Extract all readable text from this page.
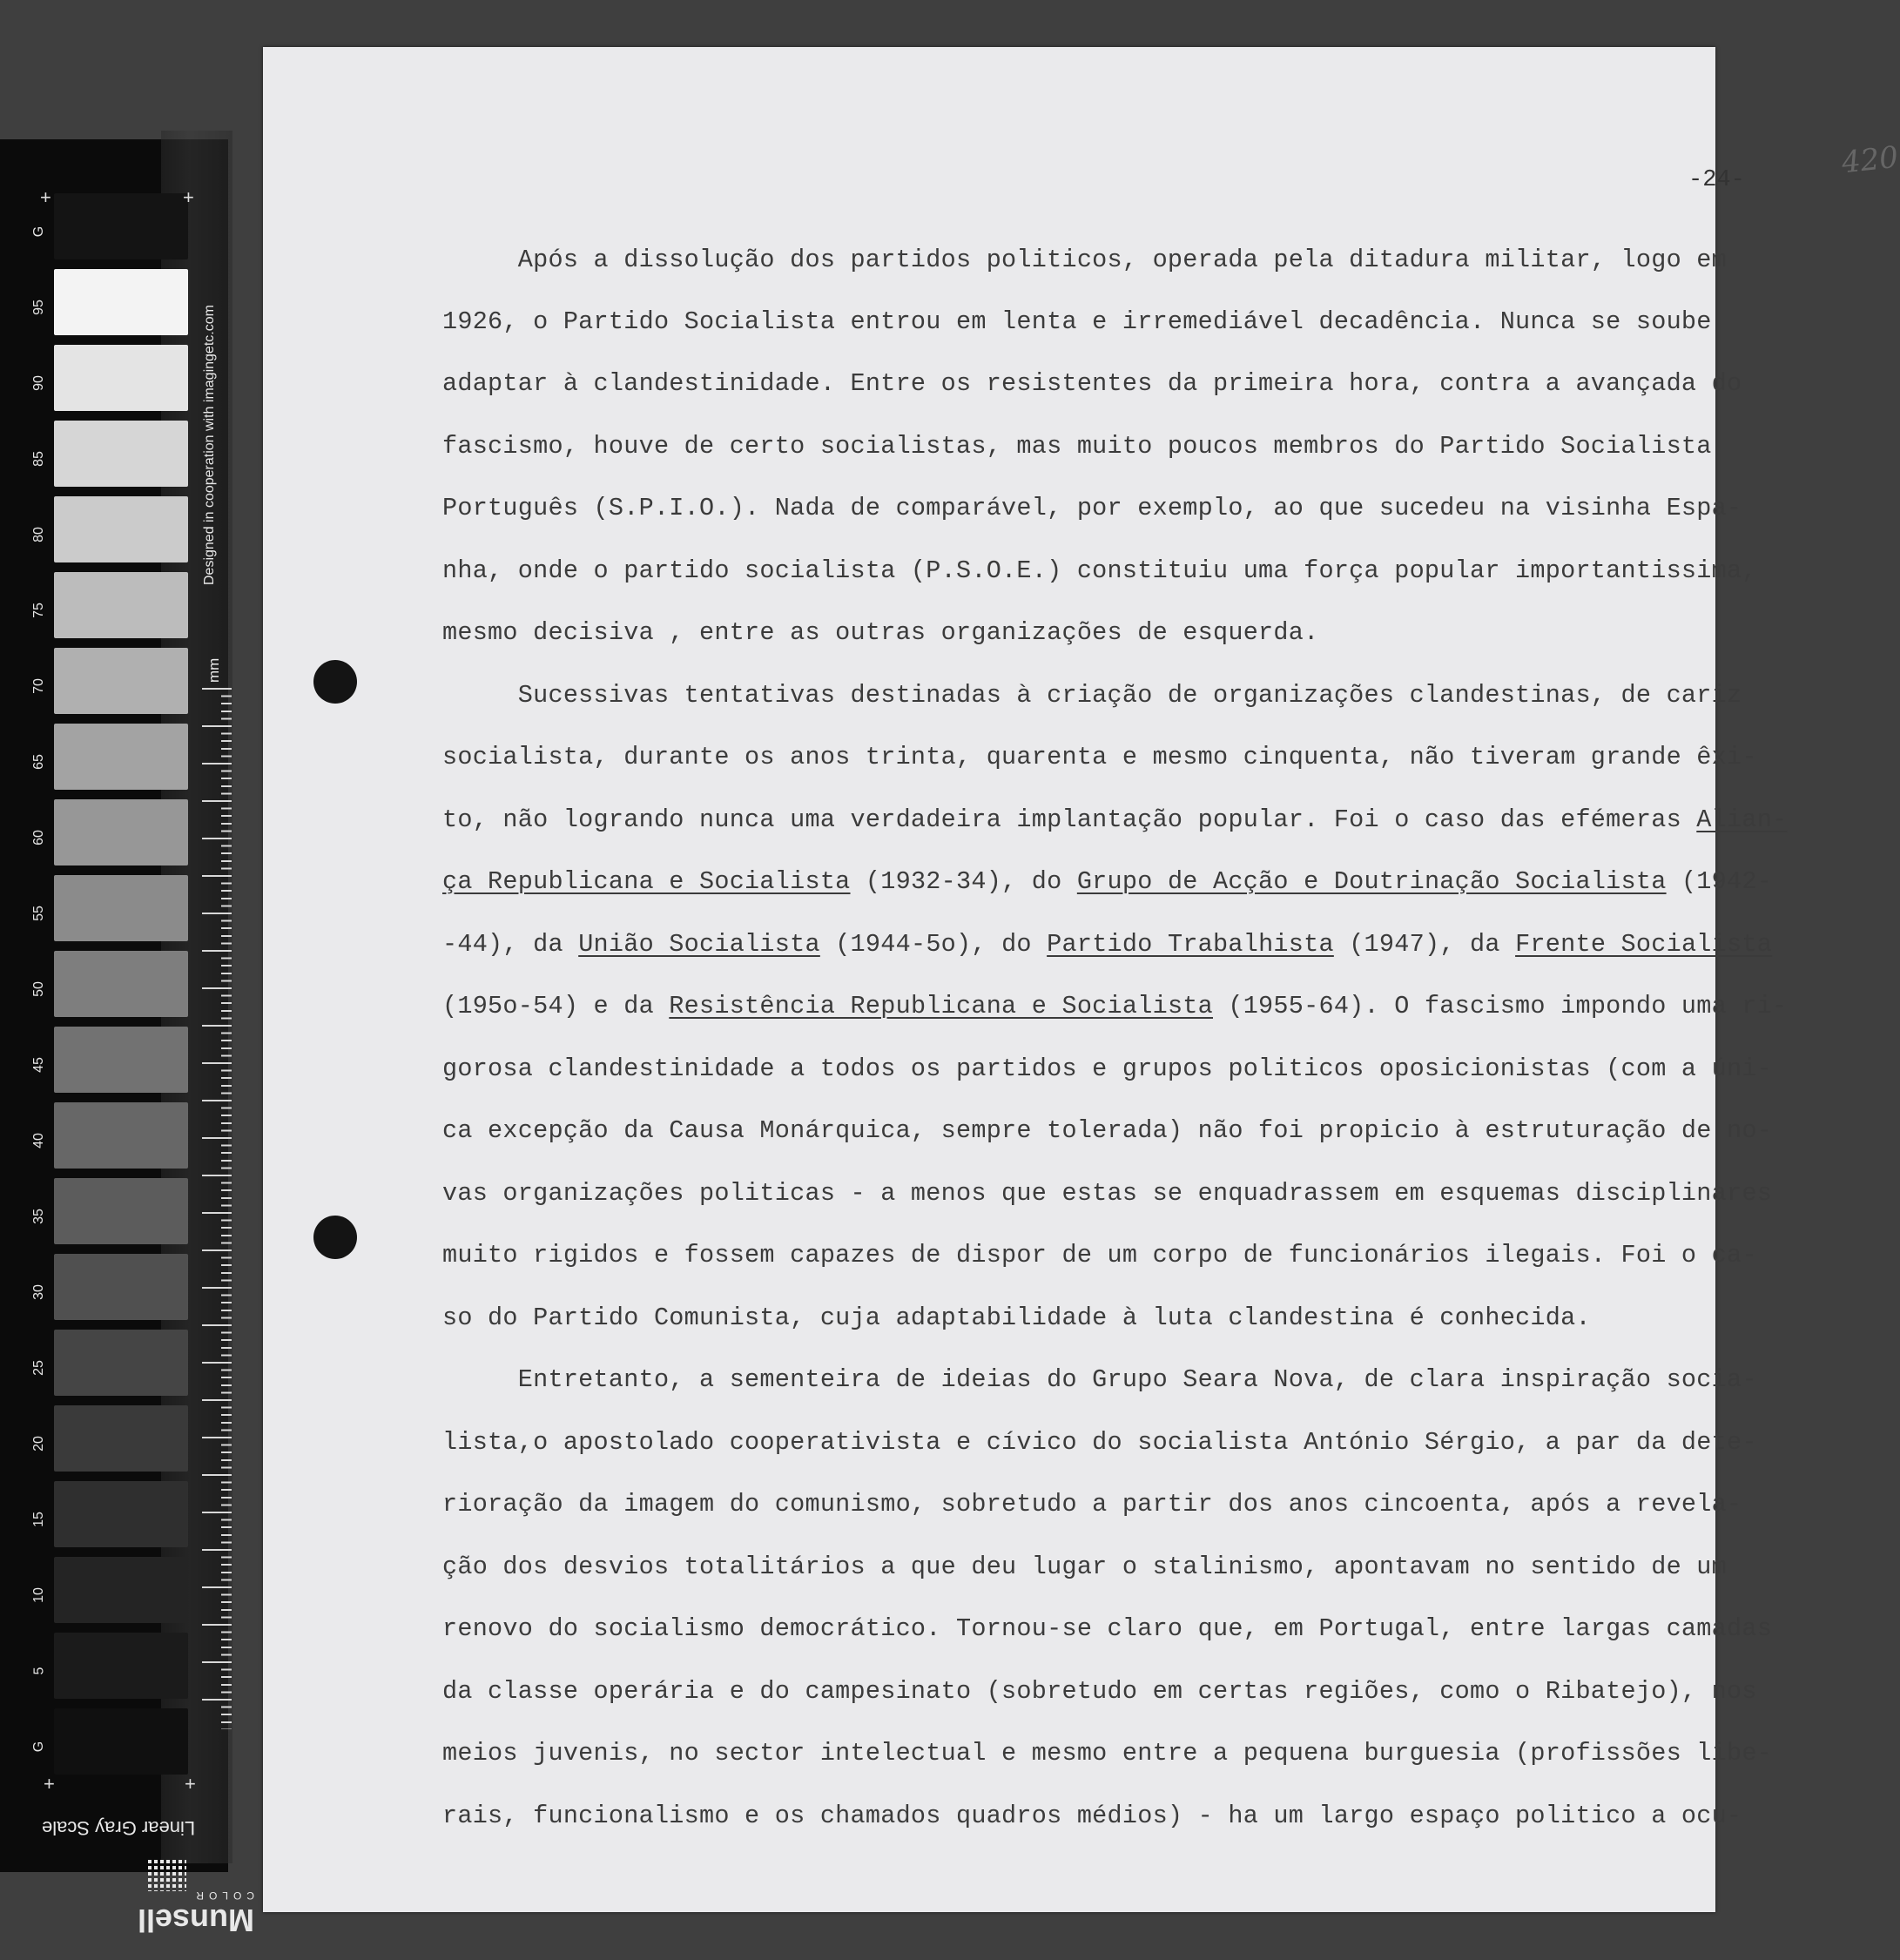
G
95
90
85
80
75
70
65
60
55
50
45
40
35
30
25
20
15
10
5
G
+	+
+	+
Designed in cooperation with imagingetc.com
mm
Linear Gray Scale
Munsell
COLOR
-24-	420
Após a dissolução dos partidos politicos, operada pela ditadura militar, logo em
1926, o Partido Socialista entrou em lenta e irremediável decadência. Nunca se soube
adaptar à clandestinidade. Entre os resistentes da primeira hora, contra a avançada do
fascismo, houve de certo socialistas, mas muito poucos membros do Partido Socialista
Português (S.P.I.O.). Nada de comparável, por exemplo, ao que sucedeu na visinha Espa-
nha, onde o partido socialista (P.S.O.E.) constituiu uma força popular importantissima,
mesmo decisiva , entre as outras organizações de esquerda.
Sucessivas tentativas destinadas à criação de organizações clandestinas, de cariz
socialista, durante os anos trinta, quarenta e mesmo cinquenta, não tiveram grande êxi-
to, não logrando nunca uma verdadeira implantação popular. Foi o caso das efémeras Alian-
ça Republicana e Socialista (1932-34), do Grupo de Acção e Doutrinação Socialista (1942-
-44), da União Socialista (1944-5o), do Partido Trabalhista (1947), da Frente Socialista
(195o-54) e da Resistência Republicana e Socialista (1955-64). O fascismo impondo uma ri-
gorosa clandestinidade a todos os partidos e grupos politicos oposicionistas (com a úni-
ca excepção da Causa Monárquica, sempre tolerada) não foi propicio à estruturação de no-
vas organizações politicas - a menos que estas se enquadrassem em esquemas disciplinares
muito rigidos e fossem capazes de dispor de um corpo de funcionários ilegais. Foi o ca-
so do Partido Comunista, cuja adaptabilidade à luta clandestina é conhecida.
Entretanto, a sementeira de ideias do Grupo Seara Nova, de clara inspiração socia-
lista,o apostolado cooperativista e cívico do socialista António Sérgio, a par da dete-
rioração da imagem do comunismo, sobretudo a partir dos anos cincoenta, após a revela-
ção dos desvios totalitários a que deu lugar o stalinismo, apontavam no sentido de um
renovo do socialismo democrático. Tornou-se claro que, em Portugal, entre largas camadas
da classe operária e do campesinato (sobretudo em certas regiões, como o Ribatejo), nos
meios juvenis, no sector intelectual e mesmo entre a pequena burguesia (profissões libe-
rais, funcionalismo e os chamados quadros médios) - ha um largo espaço politico a ocu-
